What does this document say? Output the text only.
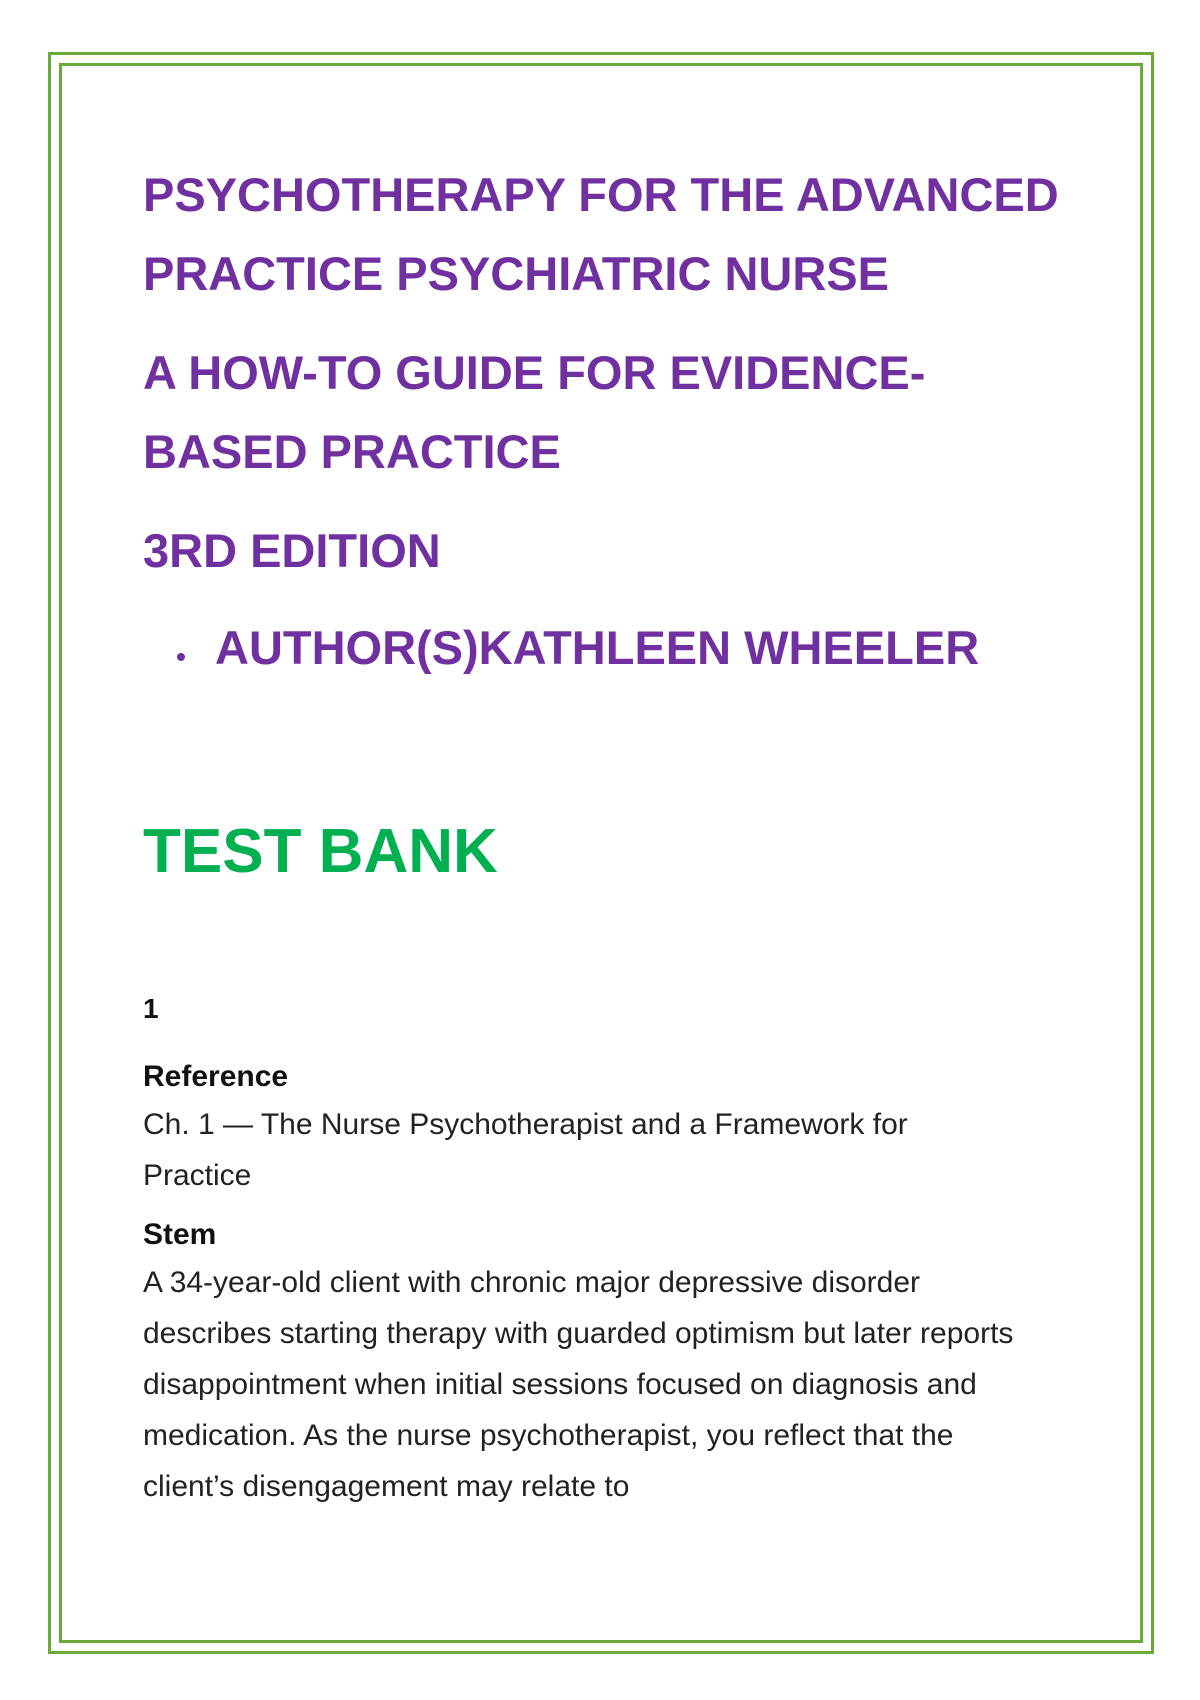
PSYCHOTHERAPY FOR THE ADVANCED PRACTICE PSYCHIATRIC NURSE
A HOW-TO GUIDE FOR EVIDENCE-BASED PRACTICE
3RD EDITION
AUTHOR(S)KATHLEEN WHEELER
TEST BANK
1
Reference
Ch. 1 — The Nurse Psychotherapist and a Framework for Practice
Stem
A 34-year-old client with chronic major depressive disorder describes starting therapy with guarded optimism but later reports disappointment when initial sessions focused on diagnosis and medication. As the nurse psychotherapist, you reflect that the client’s disengagement may relate to
